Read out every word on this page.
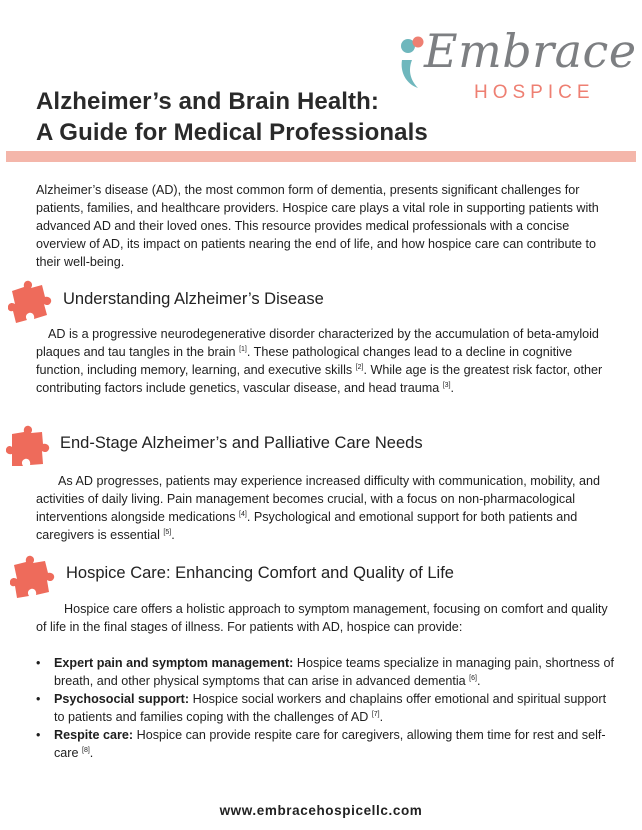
Embrace
HOSPICE
Alzheimer’s and Brain Health:
A Guide for Medical Professionals

Alzheimer’s disease (AD), the most common form of dementia, presents significant challenges for patients, families, and healthcare providers. Hospice care plays a vital role in supporting patients with advanced AD and their loved ones. This resource provides medical professionals with a concise overview of AD, its impact on patients nearing the end of life, and how hospice care can contribute to their well-being.

Understanding Alzheimer’s Disease

AD is a progressive neurodegenerative disorder characterized by the accumulation of beta-amyloid plaques and tau tangles in the brain [1]. These pathological changes lead to a decline in cognitive function, including memory, learning, and executive skills [2]. While age is the greatest risk factor, other contributing factors include genetics, vascular disease, and head trauma [3].

End-Stage Alzheimer’s and Palliative Care Needs

As AD progresses, patients may experience increased difficulty with communication, mobility, and activities of daily living. Pain management becomes crucial, with a focus on non-pharmacological interventions alongside medications [4]. Psychological and emotional support for both patients and caregivers is essential [5].

Hospice Care: Enhancing Comfort and Quality of Life

Hospice care offers a holistic approach to symptom management, focusing on comfort and quality of life in the final stages of illness. For patients with AD, hospice can provide:

• Expert pain and symptom management: Hospice teams specialize in managing pain, shortness of breath, and other physical symptoms that can arise in advanced dementia [6].
• Psychosocial support: Hospice social workers and chaplains offer emotional and spiritual support to patients and families coping with the challenges of AD [7].
• Respite care: Hospice can provide respite care for caregivers, allowing them time for rest and self-care [8].
www.embracehospicellc.com
